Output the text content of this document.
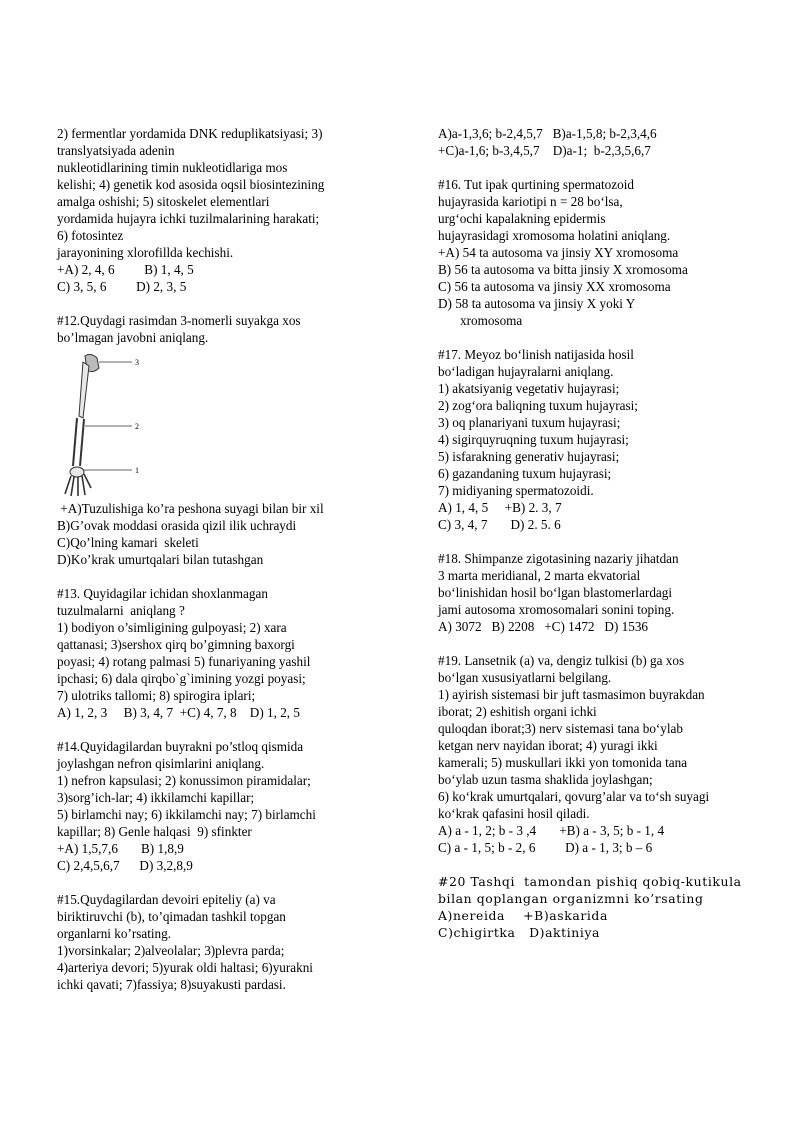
2) fermentlar yordamida DNK reduplikatsiyasi; 3)
translyatsiyada adenin
nukleotidlarining timin nukleotidlariga mos
kelishi; 4) genetik kod asosida oqsil biosintezining
amalga oshishi; 5) sitoskelet elementlari
yordamida hujayra ichki tuzilmalarining harakati;
6) fotosintez
jarayonining xlorofillda kechishi.
+A) 2, 4, 6         B) 1, 4, 5
C) 3, 5, 6         D) 2, 3, 5
#12.Quydagi rasimdan 3-nomerli suyakga xos
bo’lmagan javobni aniqlang.
3
2
1
+A)Tuzulishiga ko’ra peshona suyagi bilan bir xil
B)G’ovak moddasi orasida qizil ilik uchraydi
C)Qo’lning kamari  skeleti
D)Ko’krak umurtqalari bilan tutashgan
#13. Quyidagilar ichidan shoxlanmagan
tuzulmalarni  aniqlang ?
1) bodiyon o’simligining gulpoyasi; 2) xara
qattanasi; 3)sershox qirq bo’gimning baxorgi
poyasi; 4) rotang palmasi 5) funariyaning yashil
ipchasi; 6) dala qirqbo`g`imining yozgi poyasi;
7) ulotriks tallomi; 8) spirogira iplari;
A) 1, 2, 3     B) 3, 4, 7  +C) 4, 7, 8    D) 1, 2, 5
#14.Quyidagilardan buyrakni po’stloq qismida
joylashgan nefron qisimlarini aniqlang.
1) nefron kapsulasi; 2) konussimon piramidalar;
3)sorg’ich-lar; 4) ikkilamchi kapillar;
5) birlamchi nay; 6) ikkilamchi nay; 7) birlamchi
kapillar; 8) Genle halqasi  9) sfinkter
+A) 1,5,7,6       B) 1,8,9
C) 2,4,5,6,7      D) 3,2,8,9
#15.Quydagilardan devoiri epiteliy (a) va
biriktiruvchi (b), to’qimadan tashkil topgan
organlarni ko’rsating.
1)vorsinkalar; 2)alveolalar; 3)plevra parda;
4)arteriya devori; 5)yurak oldi haltasi; 6)yurakni
ichki qavati; 7)fassiya; 8)suyakusti pardasi.
A)a-1,3,6; b-2,4,5,7   B)a-1,5,8; b-2,3,4,6
+C)a-1,6; b-3,4,5,7    D)a-1;  b-2,3,5,6,7
#16. Tut ipak qurtining spermatozoid
hujayrasida kariotipi n = 28 bo‘lsa,
urg‘ochi kapalakning epidermis
hujayrasidagi xromosoma holatini aniqlang.
+A) 54 ta autosoma va jinsiy XY xromosoma
B) 56 ta autosoma va bitta jinsiy X xromosoma
C) 56 ta autosoma va jinsiy XX xromosoma
D) 58 ta autosoma va jinsiy X yoki Y
xromosoma
#17. Meyoz bo‘linish natijasida hosil
bo‘ladigan hujayralarni aniqlang.
1) akatsiyanig vegetativ hujayrasi;
2) zog‘ora baliqning tuxum hujayrasi;
3) oq planariyani tuxum hujayrasi;
4) sigirquyruqning tuxum hujayrasi;
5) isfarakning generativ hujayrasi;
6) gazandaning tuxum hujayrasi;
7) midiyaning spermatozoidi.
A) 1, 4, 5     +B) 2. 3, 7
C) 3, 4, 7       D) 2. 5. 6
#18. Shimpanze zigotasining nazariy jihatdan
3 marta meridianal, 2 marta ekvatorial
bo‘linishidan hosil bo‘lgan blastomerlardagi
jami autosoma xromosomalari sonini toping.
A) 3072   B) 2208   +C) 1472   D) 1536
#19. Lansetnik (a) va, dengiz tulkisi (b) ga xos
bo‘lgan xususiyatlarni belgilang.
1) ayirish sistemasi bir juft tasmasimon buyrakdan
iborat; 2) eshitish organi ichki
quloqdan iborat;3) nerv sistemasi tana bo‘ylab
ketgan nerv nayidan iborat; 4) yuragi ikki
kamerali; 5) muskullari ikki yon tomonida tana
bo‘ylab uzun tasma shaklida joylashgan;
6) ko‘krak umurtqalari, qovurg’alar va to‘sh suyagi
ko‘krak qafasini hosil qiladi.
A) a - 1, 2; b - 3 ,4       +B) a - 3, 5; b - 1, 4
C) a - 1, 5; b - 2, 6         D) a - 1, 3; b – 6
#20 Tashqi  tamondan pishiq qobiq-kutikula
bilan qoplangan organizmni ko’rsating
A)nereida    +B)askarida
C)chigirtka   D)aktiniya
